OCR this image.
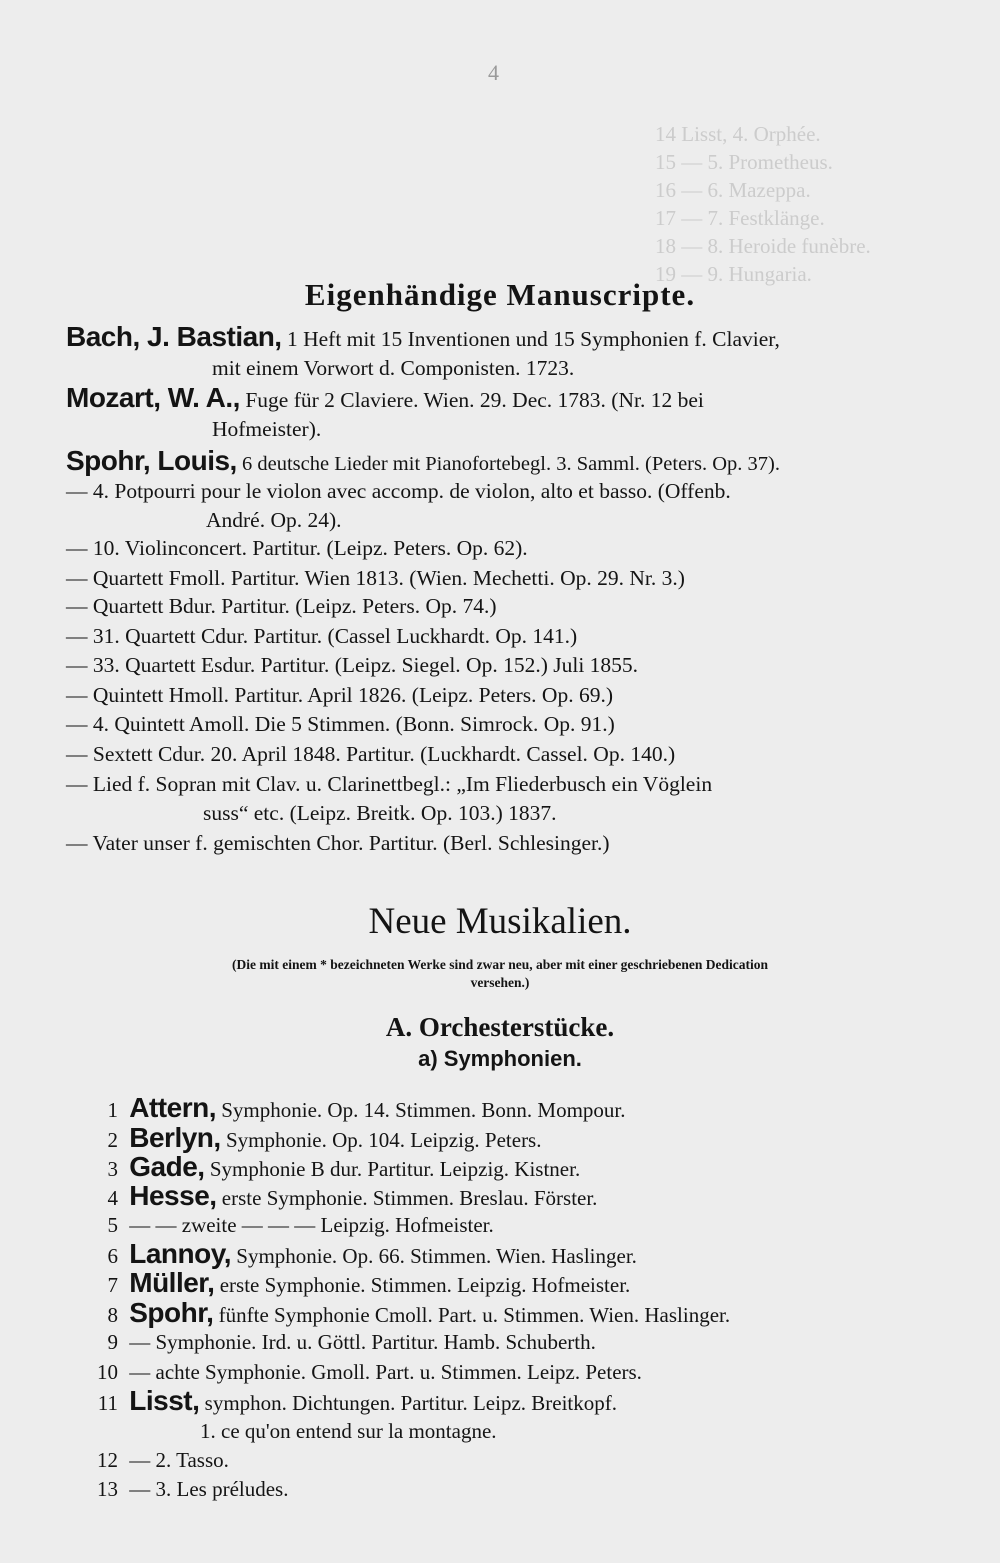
4
14 Lisst, 4. Orphée.
15 — 5. Prometheus.
16 — 6. Mazeppa.
17 — 7. Festklänge.
18 — 8. Heroide funèbre.
19 — 9. Hungaria.
Eigenhändige Manuscripte.
Bach, J. Bastian, 1 Heft mit 15 Inventionen und 15 Symphonien f. Clavier,
mit einem Vorwort d. Componisten. 1723.
Mozart, W. A., Fuge für 2 Claviere. Wien. 29. Dec. 1783. (Nr. 12 bei
Hofmeister).
Spohr, Louis, 6 deutsche Lieder mit Pianofortebegl. 3. Samml. (Peters. Op. 37).
— 4. Potpourri pour le violon avec accomp. de violon, alto et basso. (Offenb.
André. Op. 24).
— 10. Violinconcert. Partitur. (Leipz. Peters. Op. 62).
— Quartett Fmoll. Partitur. Wien 1813. (Wien. Mechetti. Op. 29. Nr. 3.)
— Quartett Bdur. Partitur. (Leipz. Peters. Op. 74.)
— 31. Quartett Cdur. Partitur. (Cassel Luckhardt. Op. 141.)
— 33. Quartett Esdur. Partitur. (Leipz. Siegel. Op. 152.) Juli 1855.
— Quintett Hmoll. Partitur. April 1826. (Leipz. Peters. Op. 69.)
— 4. Quintett Amoll. Die 5 Stimmen. (Bonn. Simrock. Op. 91.)
— Sextett Cdur. 20. April 1848. Partitur. (Luckhardt. Cassel. Op. 140.)
— Lied f. Sopran mit Clav. u. Clarinettbegl.: „Im Fliederbusch ein Vöglein
suss“ etc. (Leipz. Breitk. Op. 103.) 1837.
— Vater unser f. gemischten Chor. Partitur. (Berl. Schlesinger.)
Neue Musikalien.
(Die mit einem * bezeichneten Werke sind zwar neu, aber mit einer geschriebenen Dedication
versehen.)
A. Orchesterstücke.
a) Symphonien.
1 Attern, Symphonie. Op. 14. Stimmen. Bonn. Mompour.
2 Berlyn, Symphonie. Op. 104. Leipzig. Peters.
3 Gade, Symphonie B dur. Partitur. Leipzig. Kistner.
4 Hesse, erste Symphonie. Stimmen. Breslau. Förster.
5 — — zweite — — — Leipzig. Hofmeister.
6 Lannoy, Symphonie. Op. 66. Stimmen. Wien. Haslinger.
7 Müller, erste Symphonie. Stimmen. Leipzig. Hofmeister.
8 Spohr, fünfte Symphonie Cmoll. Part. u. Stimmen. Wien. Haslinger.
9 — Symphonie. Ird. u. Göttl. Partitur. Hamb. Schuberth.
10 — achte Symphonie. Gmoll. Part. u. Stimmen. Leipz. Peters.
11 Lisst, symphon. Dichtungen. Partitur. Leipz. Breitkopf.
1. ce qu'on entend sur la montagne.
12 — 2. Tasso.
13 — 3. Les préludes.
